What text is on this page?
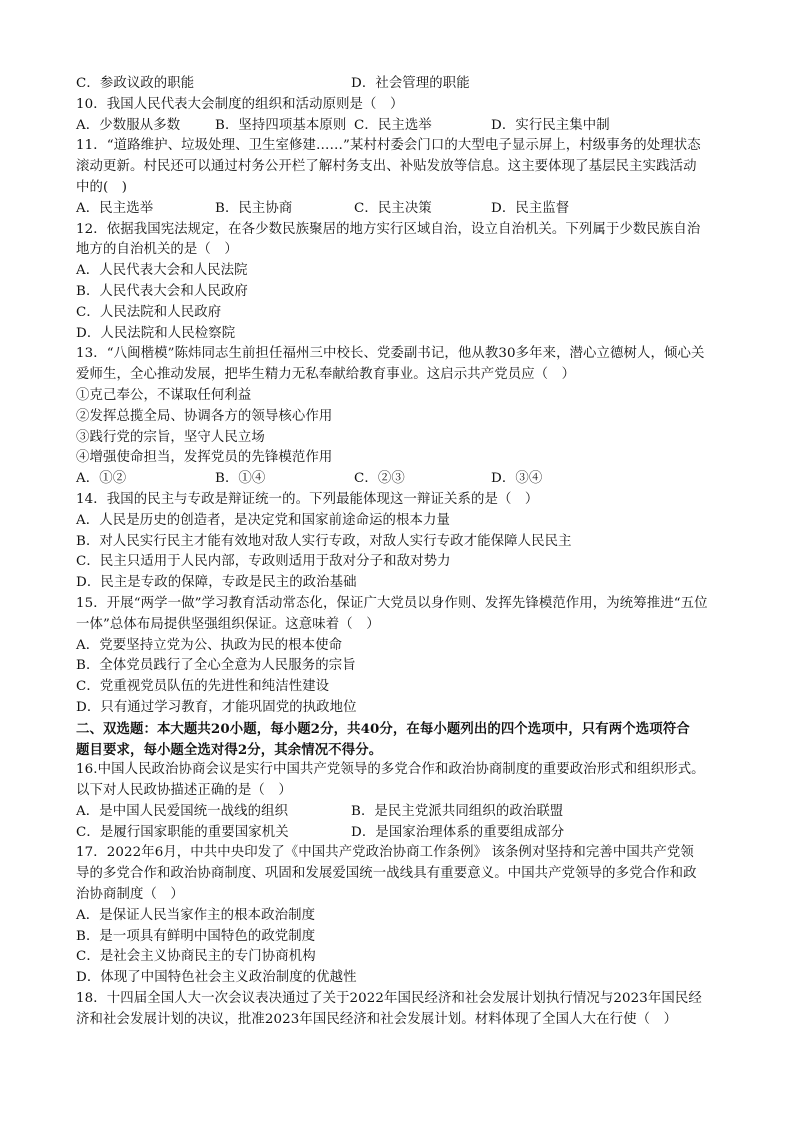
C．参政议政的职能	D．社会管理的职能
10．我国人民代表大会制度的组织和活动原则是（　）
A．少数服从多数	B．坚持四项基本原则 C．民主选举	D．实行民主集中制
11．“道路维护、垃圾处理、卫生室修建……”某村村委会门口的大型电子显示屏上，村级事务的处理状态
滚动更新。村民还可以通过村务公开栏了解村务支出、补贴发放等信息。这主要体现了基层民主实践活动
中的(　)
A．民主选举	B．民主协商	C．民主决策	D．民主监督
12．依据我国宪法规定，在各少数民族聚居的地方实行区域自治，设立自治机关。下列属于少数民族自治
地方的自治机关的是（　）
A．人民代表大会和人民法院
B．人民代表大会和人民政府
C．人民法院和人民政府
D．人民法院和人民检察院
13．“八闽楷模”陈炜同志生前担任福州三中校长、党委副书记，他从教30多年来，潜心立德树人，倾心关
爱师生，全心推动发展，把毕生精力无私奉献给教育事业。这启示共产党员应（　）
①克己奉公，不谋取任何利益
②发挥总揽全局、协调各方的领导核心作用
③践行党的宗旨，坚守人民立场
④增强使命担当，发挥党员的先锋模范作用
A．①②	B．①④	C．②③	D．③④
14．我国的民主与专政是辩证统一的。下列最能体现这一辩证关系的是（　）
A．人民是历史的创造者，是决定党和国家前途命运的根本力量
B．对人民实行民主才能有效地对敌人实行专政，对敌人实行专政才能保障人民民主
C．民主只适用于人民内部，专政则适用于敌对分子和敌对势力
D．民主是专政的保障，专政是民主的政治基础
15．开展“两学一做”学习教育活动常态化，保证广大党员以身作则、发挥先锋模范作用，为统筹推进“五位
一体”总体布局提供坚强组织保证。这意味着（　）
A．党要坚持立党为公、执政为民的根本使命
B．全体党员践行了全心全意为人民服务的宗旨
C．党重视党员队伍的先进性和纯洁性建设
D．只有通过学习教育，才能巩固党的执政地位
二、双选题：本大题共20小题，每小题2分，共40分，在每小题列出的四个选项中，只有两个选项符合
题目要求，每小题全选对得2分，其余情况不得分。
16.中国人民政治协商会议是实行中国共产党领导的多党合作和政治协商制度的重要政治形式和组织形式。
以下对人民政协描述正确的是（　）
A．是中国人民爱国统一战线的组织	B．是民主党派共同组织的政治联盟
C．是履行国家职能的重要国家机关	D．是国家治理体系的重要组成部分
17．2022年6月，中共中央印发了《中国共产党政治协商工作条例》 该条例对坚持和完善中国共产党领
导的多党合作和政治协商制度、巩固和发展爱国统一战线具有重要意义。中国共产党领导的多党合作和政
治协商制度（　）
A．是保证人民当家作主的根本政治制度
B．是一项具有鲜明中国特色的政党制度
C．是社会主义协商民主的专门协商机构
D．体现了中国特色社会主义政治制度的优越性
18．十四届全国人大一次会议表决通过了关于2022年国民经济和社会发展计划执行情况与2023年国民经
济和社会发展计划的决议，批准2023年国民经济和社会发展计划。材料体现了全国人大在行使（　）
